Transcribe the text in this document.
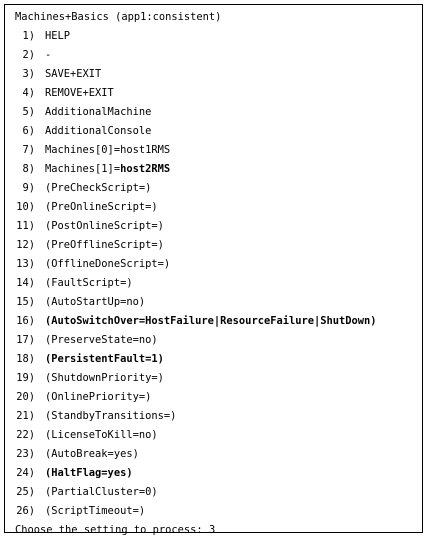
Machines+Basics (app1:consistent)
1) HELP
2) -
3) SAVE+EXIT
4) REMOVE+EXIT
5) AdditionalMachine
6) AdditionalConsole
7) Machines[0]=host1RMS
8) Machines[1]=host2RMS
9) (PreCheckScript=)
10) (PreOnlineScript=)
11) (PostOnlineScript=)
12) (PreOfflineScript=)
13) (OfflineDoneScript=)
14) (FaultScript=)
15) (AutoStartUp=no)
16) (AutoSwitchOver=HostFailure|ResourceFailure|ShutDown)
17) (PreserveState=no)
18) (PersistentFault=1)
19) (ShutdownPriority=)
20) (OnlinePriority=)
21) (StandbyTransitions=)
22) (LicenseToKill=no)
23) (AutoBreak=yes)
24) (HaltFlag=yes)
25) (PartialCluster=0)
26) (ScriptTimeout=)
Choose the setting to process: 3
